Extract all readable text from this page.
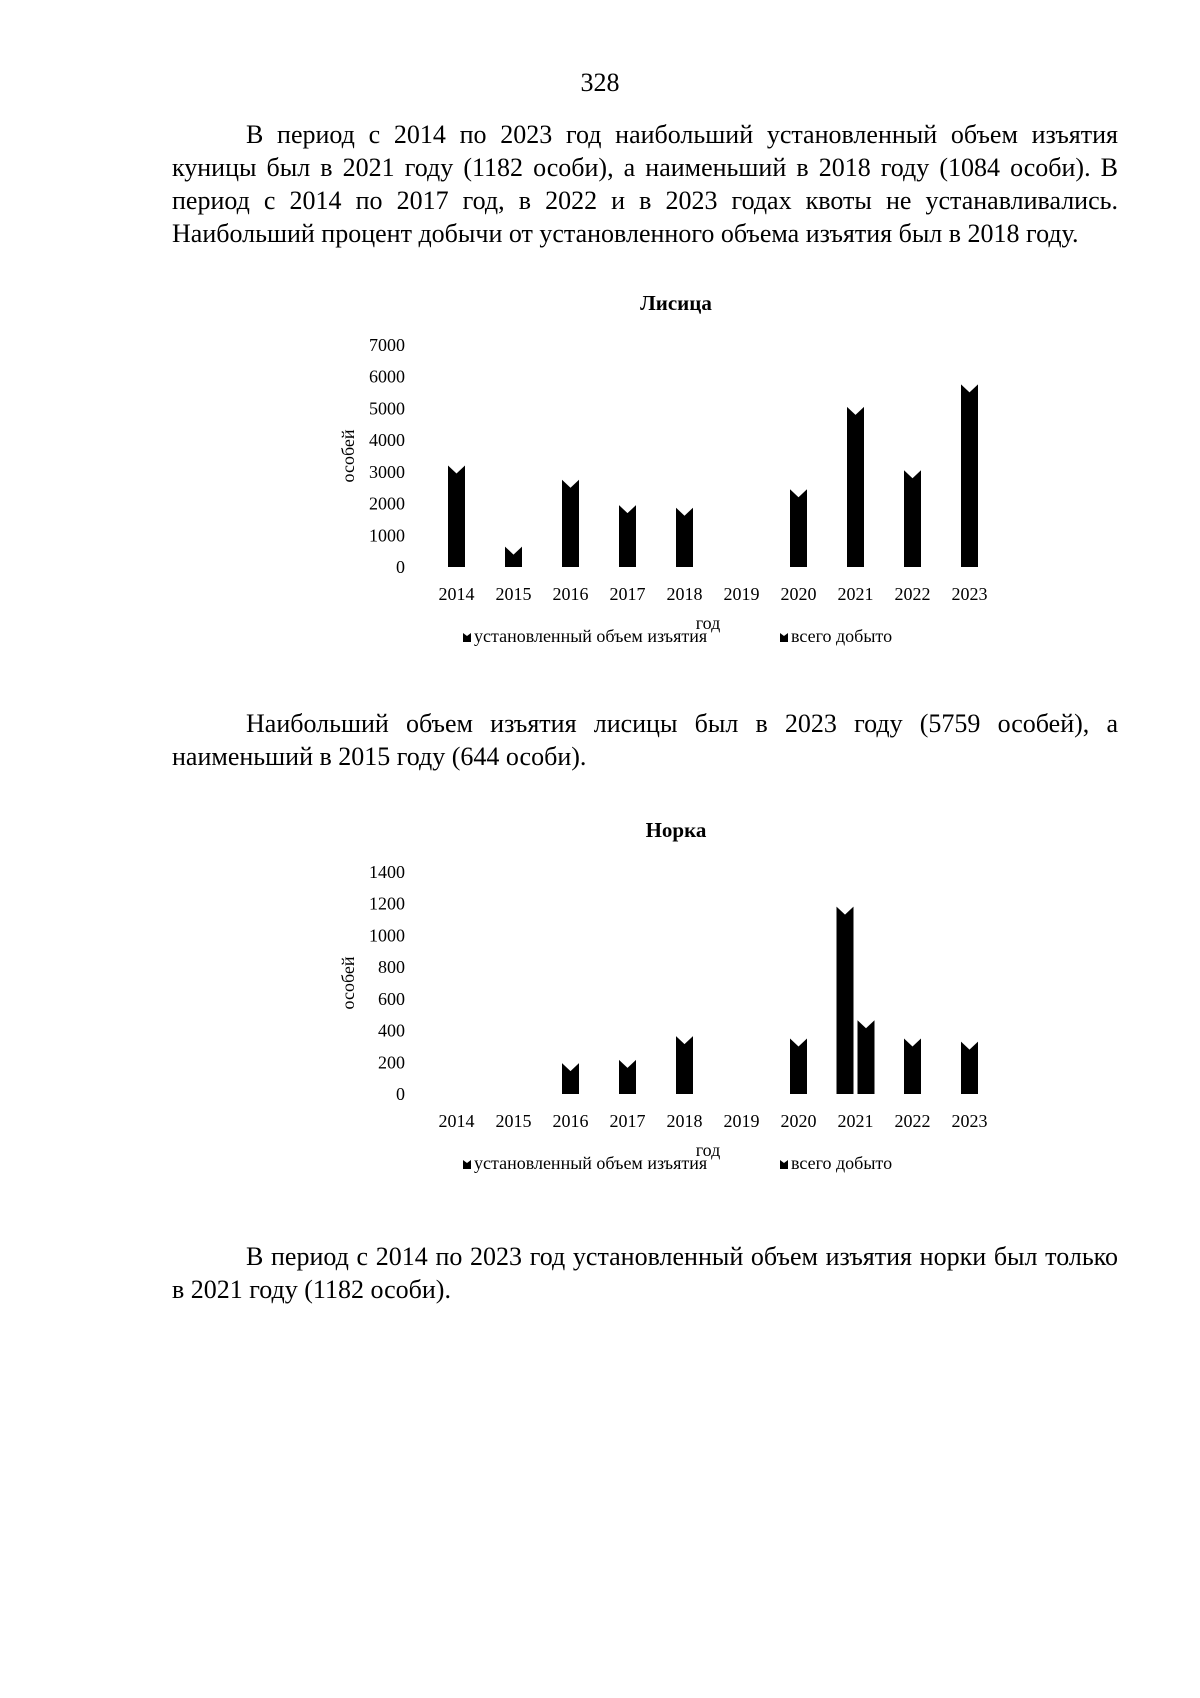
328

В период с 2014 по 2023 год наибольший установленный объем изъятия куницы был в 2021 году (1182 особи), а наименьший в 2018 году (1084 особи). В период с 2014 по 2017 год, в 2022 и в 2023 годах квоты не устанавливались. Наибольший процент добычи от установленного объема изъятия был в 2018 году.

Лисица
0
1000
2000
3000
4000
5000
6000
7000
особей
2014 2015 2016 2017 2018 2019 2020 2021 2022 2023
год
установленный объем изъятия	всего добыто

Наибольший объем изъятия лисицы был в 2023 году (5759 особей), а наименьший в 2015 году (644 особи).

Норка
0
200
400
600
800
1000
1200
1400
особей
2014 2015 2016 2017 2018 2019 2020 2021 2022 2023
год
установленный объем изъятия	всего добыто

В период с 2014 по 2023 год установленный объем изъятия норки был только в 2021 году (1182 особи).
